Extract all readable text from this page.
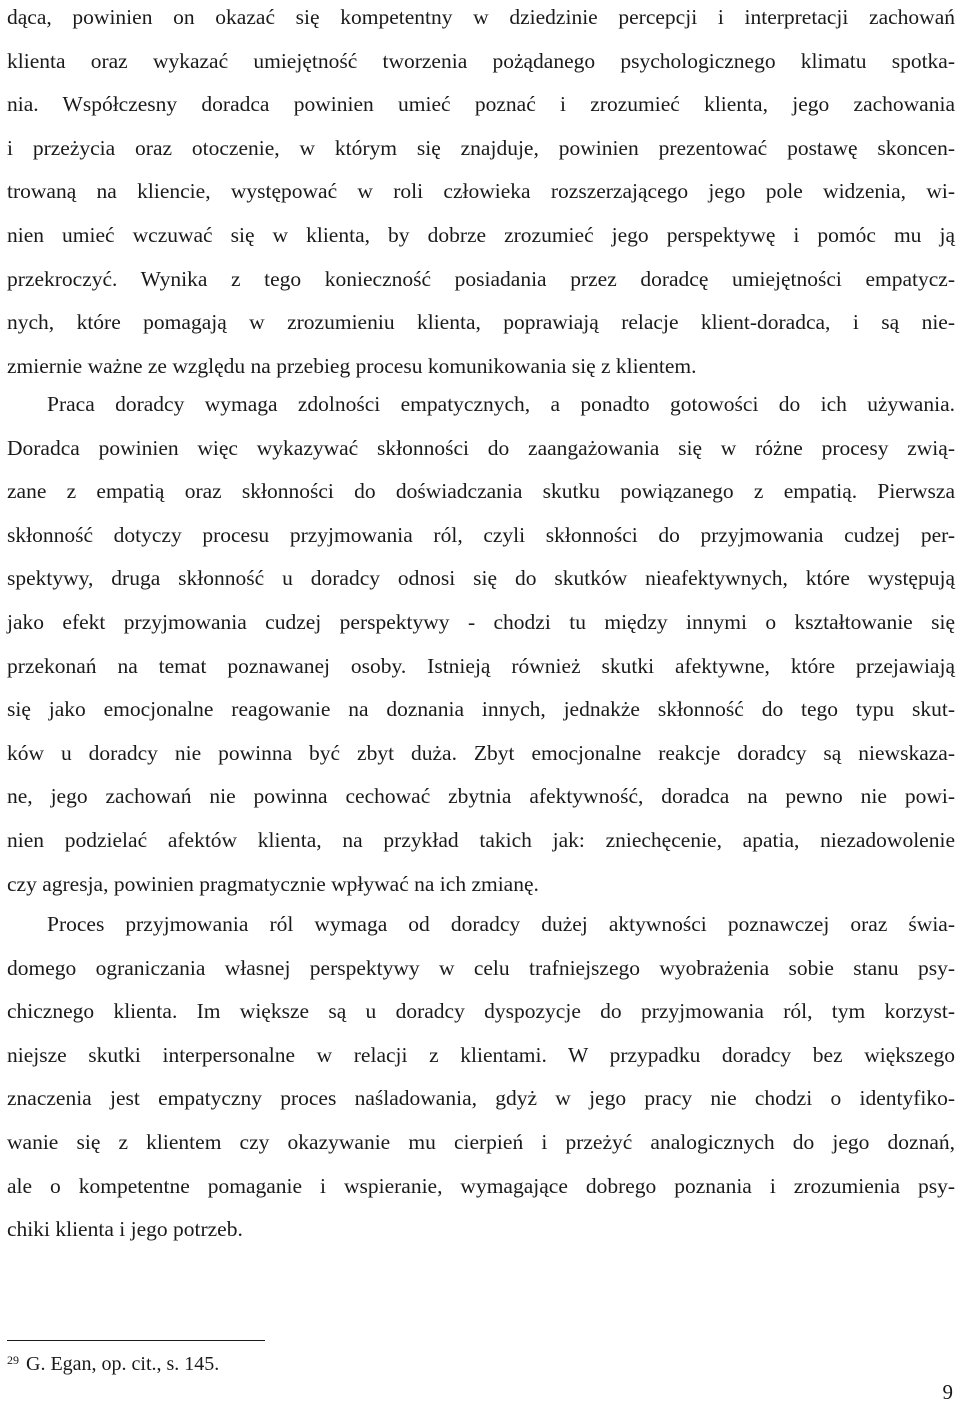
dąca, powinien on okazać się kompetentny w dziedzinie percepcji i interpretacji zachowań
klienta oraz wykazać umiejętność tworzenia pożądanego psychologicznego klimatu spotka-
nia. Współczesny doradca powinien umieć poznać i zrozumieć klienta, jego zachowania
i przeżycia oraz otoczenie, w którym się znajduje, powinien prezentować postawę skoncen-
trowaną na kliencie, występować w roli człowieka rozszerzającego jego pole widzenia, wi-
nien umieć wczuwać się w klienta, by dobrze zrozumieć jego perspektywę i pomóc mu ją
przekroczyć. Wynika z tego konieczność posiadania przez doradcę umiejętności empatycz-
nych, które pomagają w zrozumieniu klienta, poprawiają relacje klient-doradca, i są nie-
zmiernie ważne ze względu na przebieg procesu komunikowania się z klientem.
Praca doradcy wymaga zdolności empatycznych, a ponadto gotowości do ich używania.
Doradca powinien więc wykazywać skłonności do zaangażowania się w różne procesy zwią-
zane z empatią oraz skłonności do doświadczania skutku powiązanego z empatią. Pierwsza
skłonność dotyczy procesu przyjmowania ról, czyli skłonności do przyjmowania cudzej per-
spektywy, druga skłonność u doradcy odnosi się do skutków nieafektywnych, które występują
jako efekt przyjmowania cudzej perspektywy - chodzi tu między innymi o kształtowanie się
przekonań na temat poznawanej osoby. Istnieją również skutki afektywne, które przejawiają
się jako emocjonalne reagowanie na doznania innych, jednakże skłonność do tego typu skut-
ków u doradcy nie powinna być zbyt duża. Zbyt emocjonalne reakcje doradcy są niewskaza-
ne, jego zachowań nie powinna cechować zbytnia afektywność, doradca na pewno nie powi-
nien podzielać afektów klienta, na przykład takich jak: zniechęcenie, apatia, niezadowolenie
czy agresja, powinien pragmatycznie wpływać na ich zmianę.
Proces przyjmowania ról wymaga od doradcy dużej aktywności poznawczej oraz świa-
domego ograniczania własnej perspektywy w celu trafniejszego wyobrażenia sobie stanu psy-
chicznego klienta. Im większe są u doradcy dyspozycje do przyjmowania ról, tym korzyst-
niejsze skutki interpersonalne w relacji z klientami. W przypadku doradcy bez większego
znaczenia jest empatyczny proces naśladowania, gdyż w jego pracy nie chodzi o identyfiko-
wanie się z klientem czy okazywanie mu cierpień i przeżyć analogicznych do jego doznań,
ale o kompetentne pomaganie i wspieranie, wymagające dobrego poznania i zrozumienia psy-
chiki klienta i jego potrzeb.
$^{29}$ G. Egan, op. cit., s. 145.
9
